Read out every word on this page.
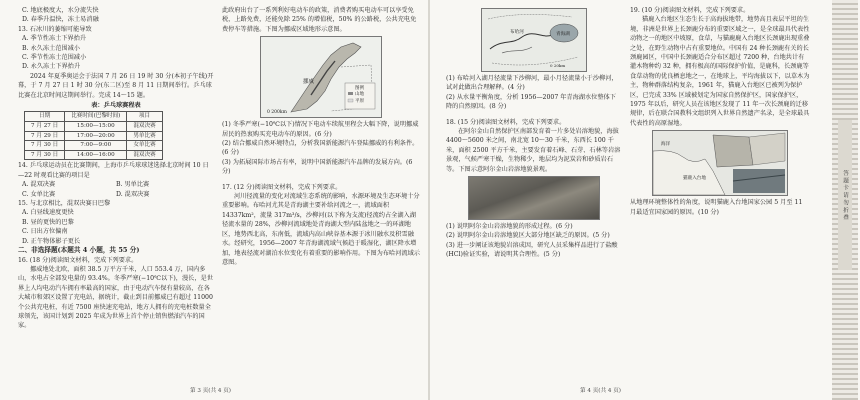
C. 地底极度大，水分流失快

D. 春季升温快，冻土易消融

13. 石冰川的萎缩可能导致

A. 季节性冻土下界抬升

B. 永久冻土范围减小

C. 季节性冻土范围减小

D. 永久冻土下界抬升

2024 年夏季奥运会于法国 7 月 26 日 19 时 30 分(本初子午线)开幕，于 7 月 27 日 1 时 30 分(东二区)至 8 月 11 日期间举行。乒乓球比赛在北京时间这期间举行。完成 14～15 题。

表：乒乓球赛程表
日期	比赛时间(巴黎时间)	项目
7 月 27 日	15:00—15:00	混双决赛
7 月 29 日	17:00—20:00	男单比赛
7 月 30 日	7:00—9:00	女单比赛
7 月 30 日	14:00—16:00	混双决赛

14. 乒乓球运动员在比赛期间，上海市乒乓球球迷选择北京时间 10 日—22 时观看比赛的项目是

A. 混双决赛	B. 男单比赛

C. 女单比赛	D. 混双决赛

15. 与北京相比，混双决赛日巴黎

A. 白昼线速度更快

B. 昼的更快的巴黎

C. 日出方位偏南

D. 正午物体影子更长

二、非选择题(本题共 4 小题，共 55 分)

16. (18 分)阅读图文材料，完成下列要求。

挪威地处北欧，面积 38.5 万平方千米，人口 553.4 万，国内多山，水电占全部发电量的 93.4%。冬季严寒(−10℃以下)，漫长，是世界上人均电动汽车拥有率最高的国家，由于电动汽车保有量较高，在各大城市和郊区设置了充电站，据统计，截止到目前挪威已有超过 11000 个公共充电桩，有近 7500 座快速充电站，地方人拥有的充电桩数量全球领先，该国计划到 2025 年成为世界上首个停止销售燃油汽车的国家。

此政府出台了一系列利好电动车的政策，消费者购买电动车可以享受免税，上路免费，还能免除 25% 的增值税，50% 的公路税，公共充电免费停车等措施。下图为挪威区域地形示意图。

挪威
0 200km
图例
山地
平原

(1) 冬季严寒(−10℃以下)情况下电动车续航里程会大幅下降，说明挪威居民的热衷购买充电动车的原因。(6 分)

(2) 结合挪威自然环境特点，分析我国新能源汽车登陆挪威的有利条件。(6 分)

(3) 为拓展国际市场占有率，说明中国新能源汽车品牌的发展方向。(6 分)

17. (12 分)阅读图文材料，完成下列要求。

河川径流量的变化对流域生态系统的影响，水源环境及生态环境十分重要影响。布哈河尤其是青海湖主要补给河流之一，流域面积 14337km²，流量 317m³/s，沙柳河(以下称为支流)径流约占全湖入湖径流水量的 28%，沙柳河流域地处青海湖大型内陆盆地之一的环湖地区，地势西北高，东南低，流域内高山峡谷基本源于冰川融水及积雪融水。经研究，1956—2007 年青海湖流域气候趋于暖湿化，湖区降水增加，地表径流对湖泊水位变化有着重要的影响作用。下图为布哈河流域示意图。

第 3 页(共 4 页)
布哈河	青海湖
0 20km

(1) 布哈河入湖月径流量下沙柳河，最小月径流量小于沙柳河，试对此做出合理解释。(4 分)

(2) 从水量平衡角度，分析 1956—2007 年青海湖水位整体下降的自然原因。(8 分)

18. (15 分)阅读图文材料，完成下列要求。

在阿尔金山自然保护区南部发育着一片多处岩溶地貌，海拔 4400～5600 米之间，南北宽 10～30 千米，东西长 100 千米，面积 2500 平方千米，主要发育着石峰、石芽、石林等岩溶景观，气候严寒干燥，生物稀少，地层均为泥炭岩和砂质岩石等。下图示意阿尔金山岩溶地貌景观。

(1) 说明阿尔金山岩溶地貌的形成过程。(6 分)

(2) 说明阿尔金山岩溶地貌区大部分地区缺乏的原因。(5 分)

(3) 进一步阐证该地貌岩溶成因，研究人员采集样品进行了盐酸(HCl)验证实验，请说明其合理性。(5 分)

19. (10 分)阅读图文材料，完成下列要求。

猫鹿入台地区生态生长于高海拔地带，地势高且表层平坦的生境，非洲是世界上长颈鹿分布的重要区域之一，是全球最具代表性动物之一的地区中坡原，食草，与猫鹿鹿入台地区长颈鹿出现重叠之处，在野生动物中占有重要地位。中国有 24 种长颈鹿有关的长颈鹿园区，中国中长颈鹿适合分布区超过 7200 种，台地共计有灌木物种约 32 种，拥有极高的国际保护价值，是鹿科，长颈鹿等食草动物的优良栖息地之一，在地球上，平均海拔以下，以草木为主，物种群落结构复杂，1961 年，猫鹿入台地区已被列为保护区，已完成 33% 区域被划定为国家自然保护区，国家保护区，1975 年以后，研究人员在该地区发现了 11 年一次长颈鹿的迁移规律，后在联合国教科文组织列入世界自然遗产名录，是全球最具代表性的高原湿地。

海洋
猫鹿入台地

从地理环境整体性的角度，说明猫鹿入台地国家公园 5 月至 11 月最适宜国家园的原因。(10 分)

第 4 页(共 4 页)
答 题 卡 请 勿 折 叠
